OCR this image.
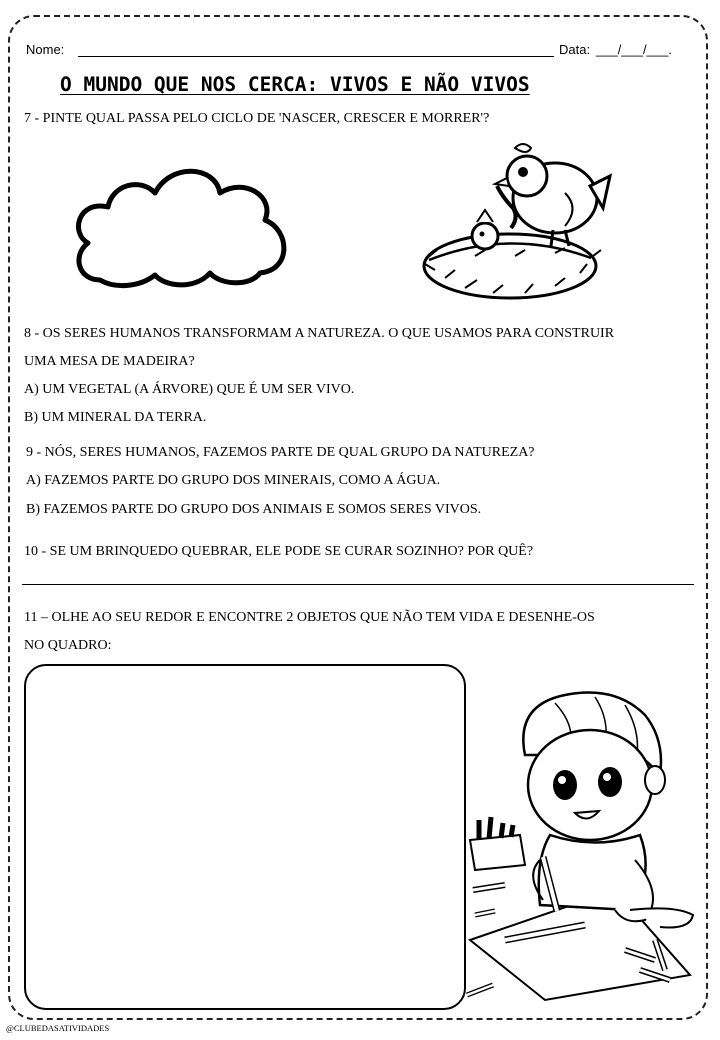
Nome:	Data: ___/___/___.
O MUNDO QUE NOS CERCA: VIVOS E NÃO VIVOS
7 - PINTE QUAL PASSA PELO CICLO DE 'NASCER, CRESCER E MORRER'?
8 - OS SERES HUMANOS TRANSFORMAM A NATUREZA. O QUE USAMOS PARA CONSTRUIR
UMA MESA DE MADEIRA?
A) UM VEGETAL (A ÁRVORE) QUE É UM SER VIVO.
B) UM MINERAL DA TERRA.
9 - NÓS, SERES HUMANOS, FAZEMOS PARTE DE QUAL GRUPO DA NATUREZA?
A) FAZEMOS PARTE DO GRUPO DOS MINERAIS, COMO A ÁGUA.
B) FAZEMOS PARTE DO GRUPO DOS ANIMAIS E SOMOS SERES VIVOS.
10 - SE UM BRINQUEDO QUEBRAR, ELE PODE SE CURAR SOZINHO? POR QUÊ?
11 – OLHE AO SEU REDOR E ENCONTRE 2 OBJETOS QUE NÃO TEM VIDA E DESENHE-OS
NO QUADRO:
@CLUBEDASATIVIDADES
